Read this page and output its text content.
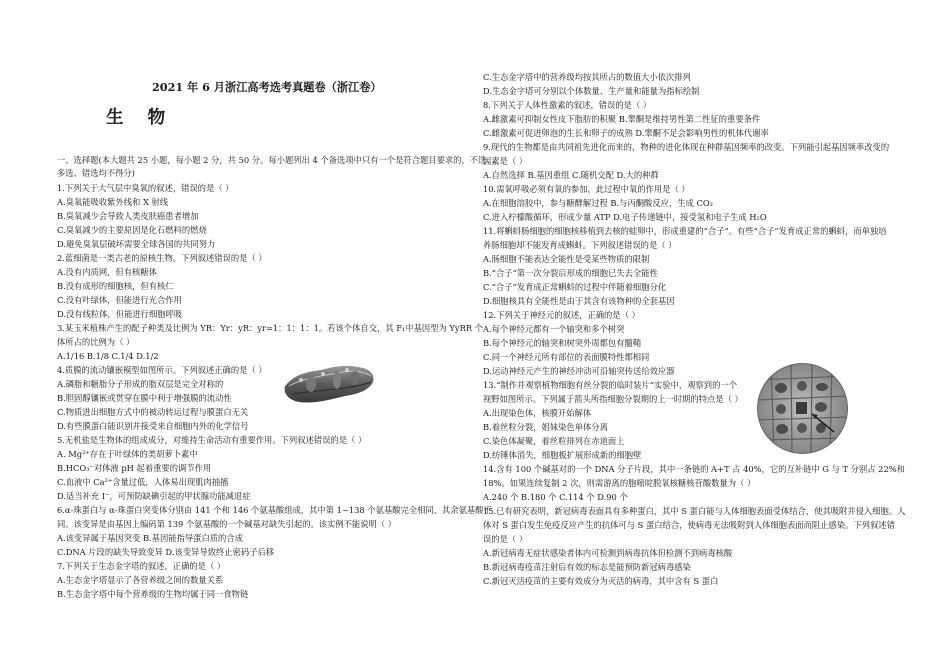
2021 年 6 月浙江高考选考真题卷（浙江卷）
生 物
一、选择题(本大题共 25 小题，每小题 2 分，共 50 分。每小题列出 4 个备选项中只有一个是符合题目要求的，不选、
多选、错选均不得分)
1.下列关于大气层中臭氧的叙述，错误的是（ ）
A.臭氧能吸收紫外线和 X 射线
B.臭氧减少会导致人类皮肤癌患者增加
C.臭氧减少的主要原因是化石燃料的燃烧
D.避免臭氧层破坏需要全球各国的共同努力
2.蓝细菌是一类古老的原核生物。下列叙述错误的是（ ）
A.没有内质网，但有核糖体
B.没有成形的细胞核，但有核仁
C.没有叶绿体，但能进行光合作用
D.没有线粒体，但能进行细胞呼吸
3.某玉米植株产生的配子种类及比例为 YR：Yr：yR：yr=1：1：1：1。若该个体自交，其 F₁中基因型为 YyRR 个
体所占的比例为（ ）
A.1/16 B.1/8 C.1/4 D.1/2
4.质膜的流动镶嵌模型如图所示。下列叙述正确的是（ ）
A.磷脂和糖脂分子形成的脂双层是完全对称的
B.胆固醇镶嵌或贯穿在膜中利于增强膜的流动性
C.物质进出细胞方式中的被动转运过程与膜蛋白无关
D.有些膜蛋白能识别并接受来自细胞内外的化学信号
5.无机盐是生物体的组成成分，对维持生命活动有重要作用。下列叙述错误的是（ ）
A. Mg²⁺存在于叶绿体的类胡萝卜素中
B.HCO₃⁻对体液 pH 起着重要的调节作用
C.血液中 Ca²⁺含量过低，人体易出现肌肉抽搐
D.适当补充 I⁻，可预防缺碘引起的甲状腺功能减退症
6.α-珠蛋白与 α-珠蛋白突变体分别由 141 个和 146 个氨基酸组成，其中第 1~138 个氨基酸完全相同，其余氨基酸不
同。该变异是由基因上编码第 139 个氨基酸的一个碱基对缺失引起的。该实例不能说明（ ）
A.该变异属于基因突变 B.基因能指导蛋白质的合成
C.DNA 片段的缺失导致变异 D.该变异导致终止密码子后移
7.下列关于生态金字塔的叙述，正确的是（ ）
A.生态金字塔显示了各营养级之间的数量关系
B.生态金字塔中每个营养级的生物均属于同一食物链
C.生态金字塔中的营养级均按其所占的数值大小依次排列
D.生态金字塔可分别以个体数量、生产量和能量为指标绘制
8.下列关于人体性激素的叙述，错误的是（ ）
A.雌激素可抑制女性皮下脂肪的积聚 B.睾酮是维持男性第二性征的重要条件
C.雌激素可促进卵泡的生长和卵子的成熟 D.睾酮不足会影响男性的机体代谢率
9.现代的生物都是由共同祖先进化而来的，物种的进化体现在种群基因频率的改变。下列能引起基因频率改变的
因素是（ ）
A.自然选择 B.基因重组 C.随机交配 D.大的种群
10.需氧呼吸必须有氧的参加，此过程中氧的作用是（ ）
A.在细胞溶胶中，参与糖酵解过程 B.与丙酮酸反应，生成 CO₂
C.进入柠檬酸循环，形成少量 ATP D.电子传递链中，接受氢和电子生成 H₂O
11.将蝌蚪肠细胞的细胞核移植到去核的蛙卵中，形成重建的“合子”。有些“合子”发育成正常的蝌蚪，而单独培
养肠细胞却不能发育成蝌蚪。下列叙述错误的是（ ）
A.肠细胞不能表达全能性是受某些物质的限制
B.“合子”第一次分裂后形成的细胞已失去全能性
C.“合子”发育成正常蝌蚪的过程中伴随着细胞分化
D.细胞核具有全能性是由于其含有该物种的全套基因
12.下列关于神经元的叙述，正确的是（ ）
A.每个神经元都有一个轴突和多个树突
B.每个神经元的轴突和树突外周都包有髓鞘
C.同一个神经元所有部位的表面膜特性都相同
D.运动神经元产生的神经冲动可沿轴突传送给效应器
13.“制作并观察植物细胞有丝分裂的临时装片”实验中，观察到的一个
视野如图所示。下列属于箭头所指细胞分裂期的上一时期的特点是（ ）
A.出现染色体，核膜开始解体
B.着丝粒分裂，姐妹染色单体分离
C.染色体凝聚，着丝粒排列在赤道面上
D.纺锤体消失，细胞板扩展形成新的细胞壁
14.含有 100 个碱基对的一个 DNA 分子片段，其中一条链的 A+T 占 40%，它的互补链中 G 与 T 分别占 22%和
18%。如果连续复制 2 次，则需游离的胞嘧啶脱氧核糖核苷酸数量为（ ）
A.240 个 B.180 个 C.114 个 D.90 个
15.已有研究表明，新冠病毒表面具有多种蛋白，其中 S 蛋白能与人体细胞表面受体结合，使其吸附并侵入细胞。人
体对 S 蛋白发生免疫反应产生的抗体可与 S 蛋白结合，使病毒无法吸附到人体细胞表面而阻止感染。下列叙述错
误的是（ ）
A.新冠病毒无症状感染者体内可检测到病毒抗体但检测不到病毒核酸
B.新冠病毒疫苗注射后有效的标志是能预防新冠病毒感染
C.新冠灭活疫苗的主要有效成分为灭活的病毒，其中含有 S 蛋白
